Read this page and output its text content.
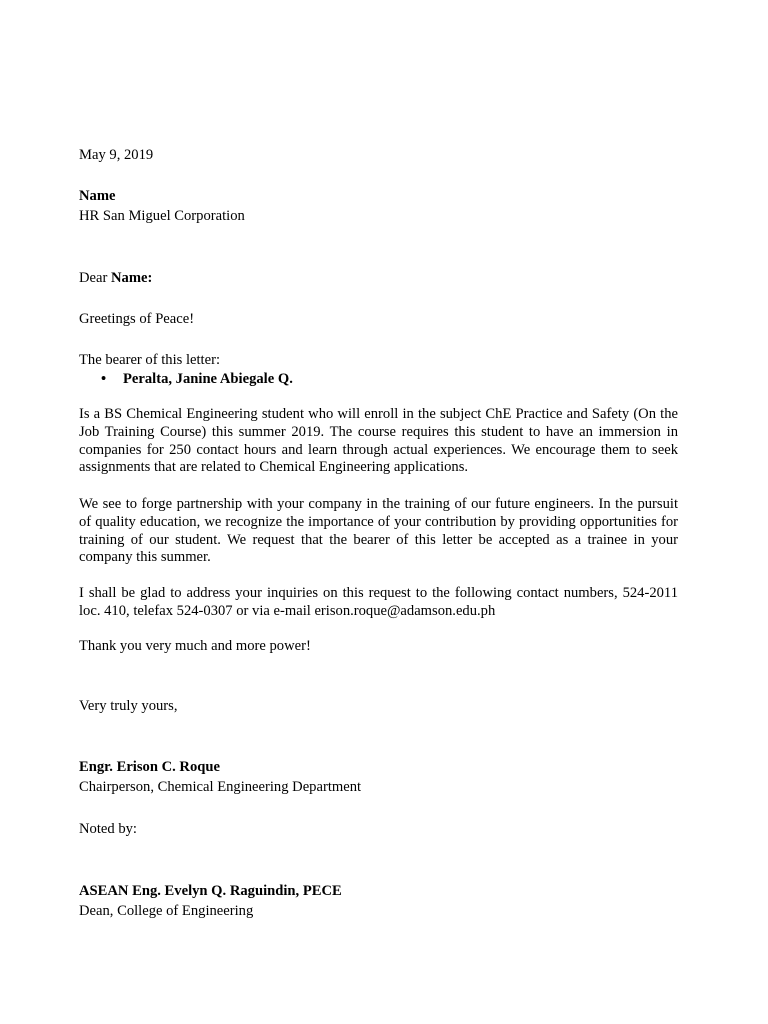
May 9, 2019
Name
HR San Miguel Corporation
Dear Name:
Greetings of Peace!
The bearer of this letter:
• Peralta, Janine Abiegale Q.

Is a BS Chemical Engineering student who will enroll in the subject ChE Practice and Safety (On the Job Training Course) this summer 2019. The course requires this student to have an immersion in companies for 250 contact hours and learn through actual experiences. We encourage them to seek assignments that are related to Chemical Engineering applications.

We see to forge partnership with your company in the training of our future engineers. In the pursuit of quality education, we recognize the importance of your contribution by providing opportunities for training of our student. We request that the bearer of this letter be accepted as a trainee in your company this summer.

I shall be glad to address your inquiries on this request to the following contact numbers, 524-2011 loc. 410, telefax 524-0307 or via e-mail erison.roque@adamson.edu.ph

Thank you very much and more power!
Very truly yours,
Engr. Erison C. Roque
Chairperson, Chemical Engineering Department
Noted by:
ASEAN Eng. Evelyn Q. Raguindin, PECE
Dean, College of Engineering
